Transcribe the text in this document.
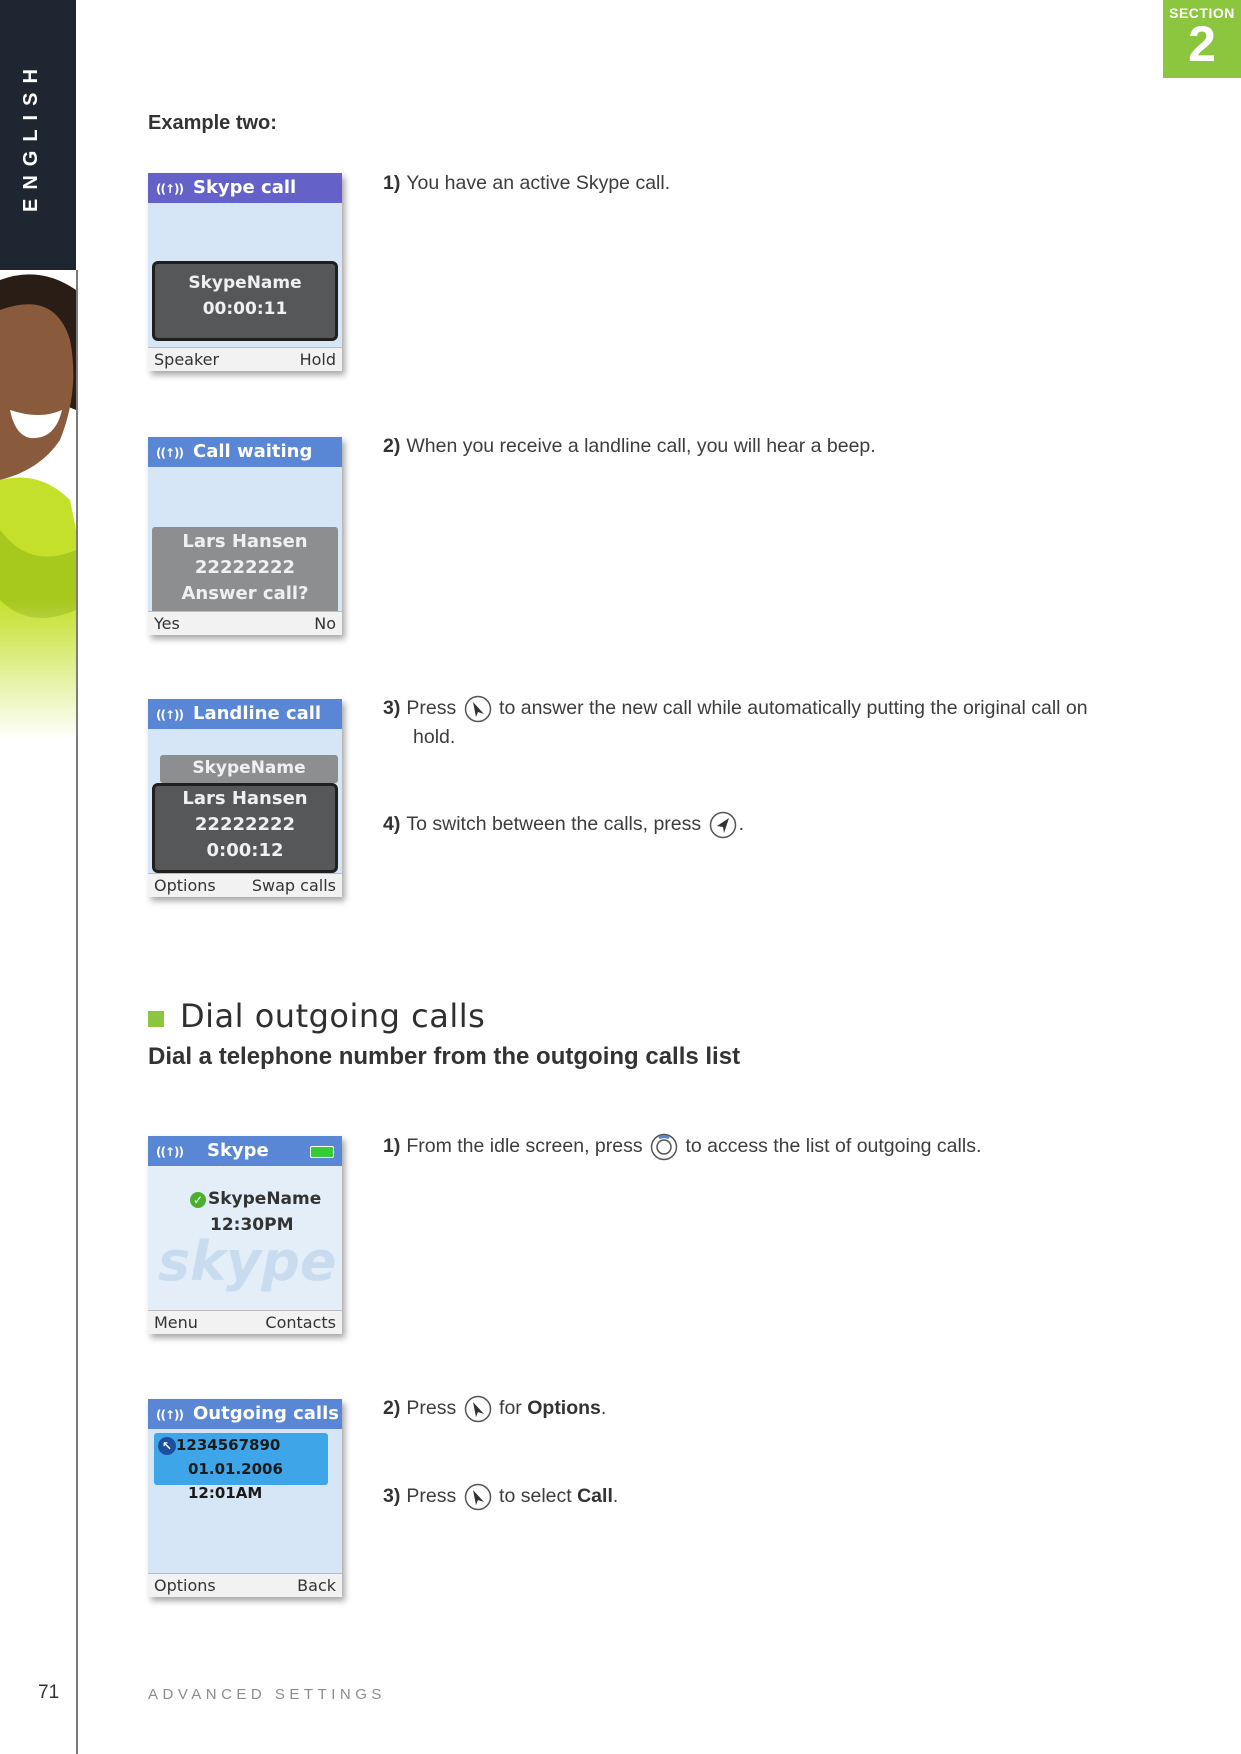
ENGLISH
SECTION
2
Example two:
((↑)) Skype call
SkypeName
00:00:11
Speaker	Hold
((↑)) Call waiting
Lars Hansen
22222222
Answer call?
Yes	No
((↑)) Landline call
SkypeName
Lars Hansen
22222222
0:00:12
Options Swap calls
1) You have an active Skype call.
2) When you receive a landline call, you will hear a beep.
3) Press to answer the new call while automatically putting the original call on
hold.
4) To switch between the calls, press .
Dial outgoing calls
Dial a telephone number from the outgoing calls list
((↑)) Skype
skype
✓ SkypeName
12:30PM
Menu	Contacts
((↑)) Outgoing calls
↖ 1234567890
01.01.2006 12:01AM
Options	Back
1) From the idle screen, press to access the list of outgoing calls.
2) Press for Options.
3) Press to select Call.
71	ADVANCED SETTINGS
